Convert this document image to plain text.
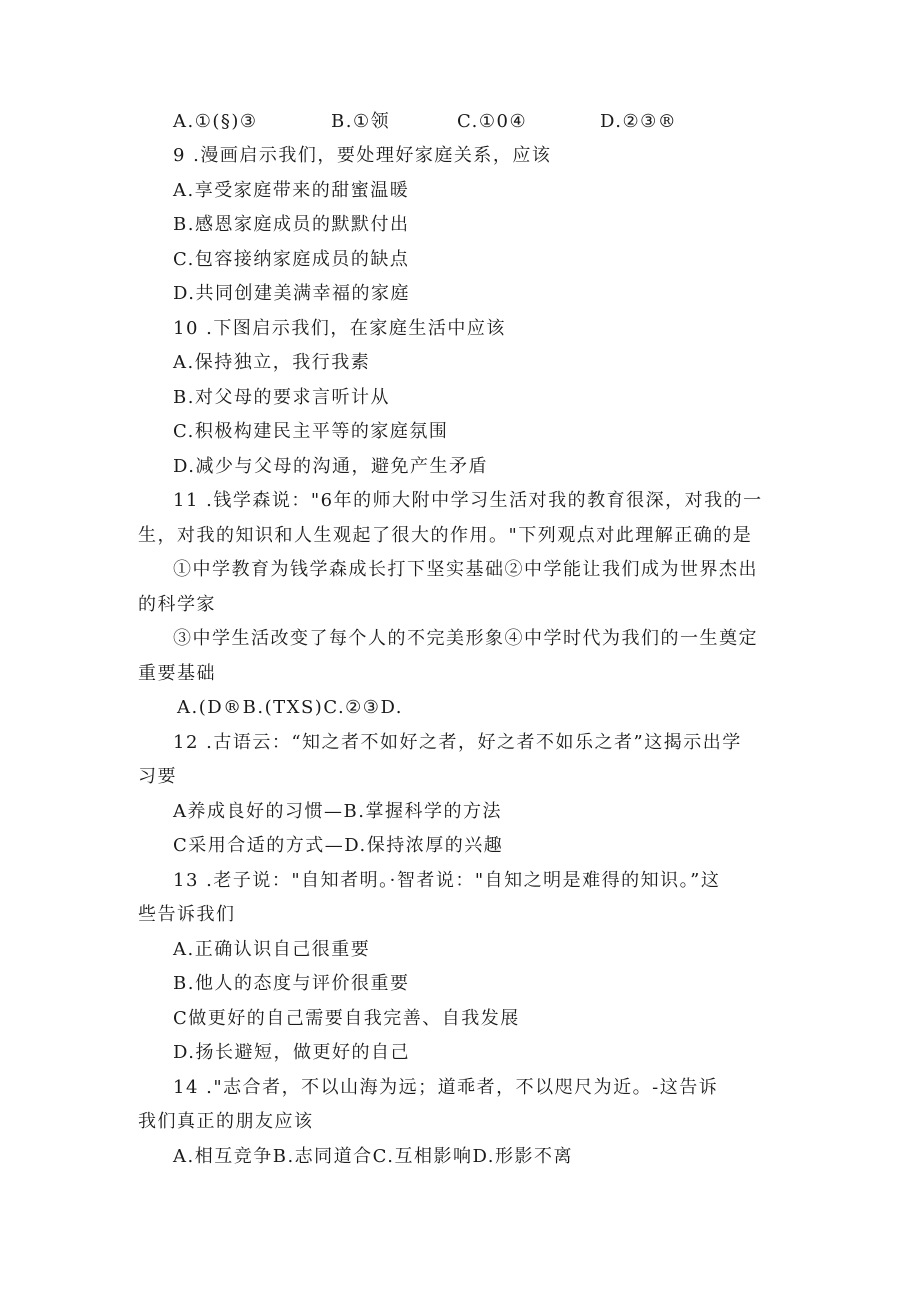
A.①(§)③	B.①领	C.①0④	D.②③®
9 .漫画启示我们，要处理好家庭关系，应该
A.享受家庭带来的甜蜜温暖
B.感恩家庭成员的默默付出
C.包容接纳家庭成员的缺点
D.共同创建美满幸福的家庭
10 .下图启示我们，在家庭生活中应该
A.保持独立，我行我素
B.对父母的要求言听计从
C.积极构建民主平等的家庭氛围
D.减少与父母的沟通，避免产生矛盾
11 .钱学森说："6年的师大附中学习生活对我的教育很深，对我的一
生，对我的知识和人生观起了很大的作用。"下列观点对此理解正确的是
①中学教育为钱学森成长打下坚实基础②中学能让我们成为世界杰出
的科学家
③中学生活改变了每个人的不完美形象④中学时代为我们的一生奠定
重要基础
A.(D®B.(TXS)C.②③D.
12 .古语云：“知之者不如好之者，好之者不如乐之者”这揭示出学
习要
A养成良好的习惯—B.掌握科学的方法
C采用合适的方式—D.保持浓厚的兴趣
13 .老子说："自知者明。·智者说："自知之明是难得的知识。”这
些告诉我们
A.正确认识自己很重要
B.他人的态度与评价很重要
C做更好的自己需要自我完善、自我发展
D.扬长避短，做更好的自己
14 ."志合者，不以山海为远；道乖者，不以咫尺为近。-这告诉
我们真正的朋友应该
A.相互竞争B.志同道合C.互相影响D.形影不离
